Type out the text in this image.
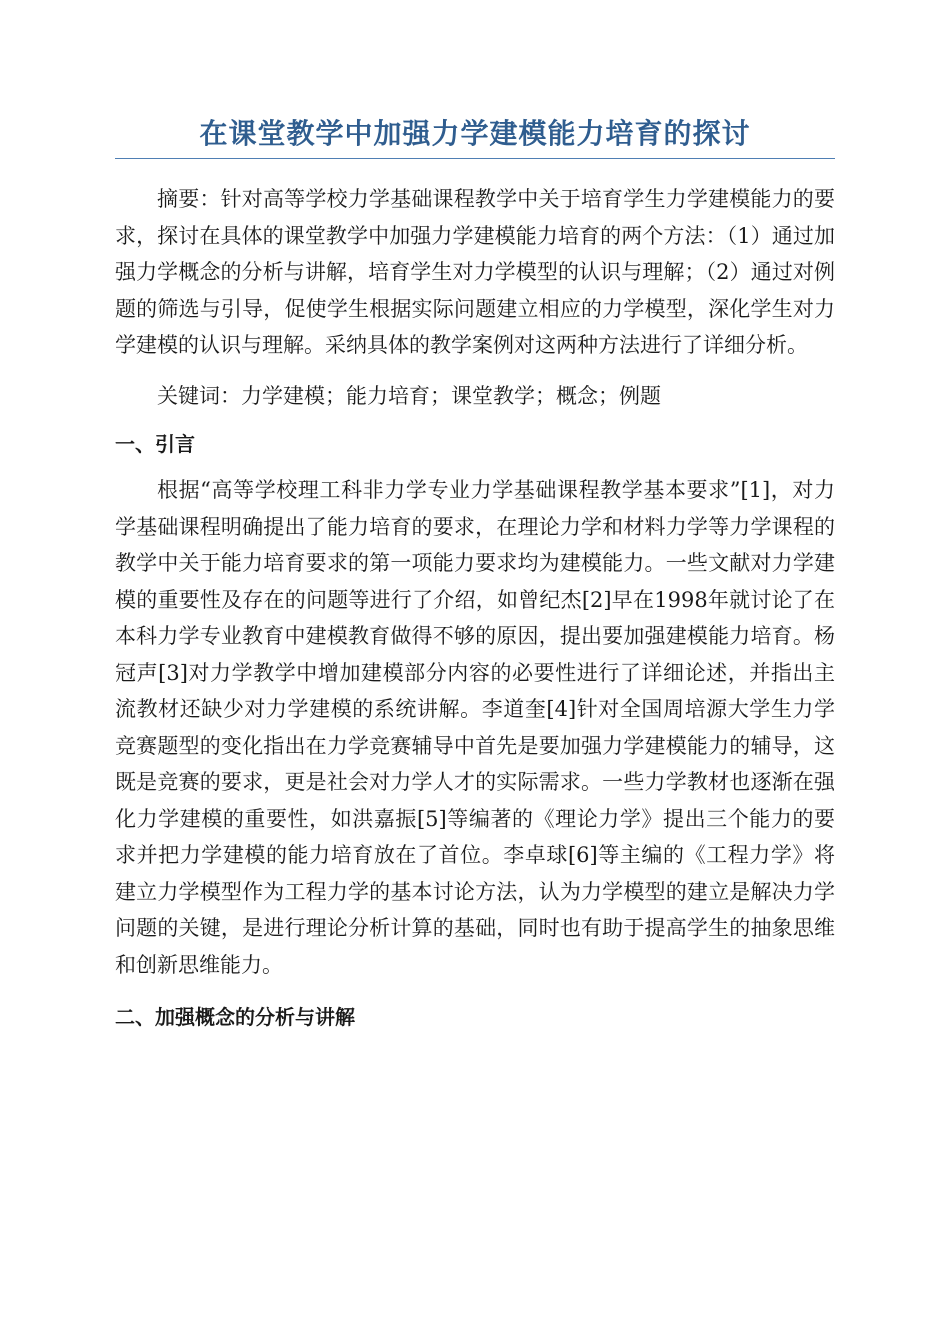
在课堂教学中加强力学建模能力培育的探讨

摘要：针对高等学校力学基础课程教学中关于培育学生力学建模能力的要求，探讨在具体的课堂教学中加强力学建模能力培育的两个方法：（1）通过加强力学概念的分析与讲解，培育学生对力学模型的认识与理解；（2）通过对例题的筛选与引导，促使学生根据实际问题建立相应的力学模型，深化学生对力学建模的认识与理解。采纳具体的教学案例对这两种方法进行了详细分析。

关键词：力学建模；能力培育；课堂教学；概念；例题

一、引言

根据“高等学校理工科非力学专业力学基础课程教学基本要求”[1]，对力学基础课程明确提出了能力培育的要求，在理论力学和材料力学等力学课程的教学中关于能力培育要求的第一项能力要求均为建模能力。一些文献对力学建模的重要性及存在的问题等进行了介绍，如曾纪杰[2]早在1998年就讨论了在本科力学专业教育中建模教育做得不够的原因，提出要加强建模能力培育。杨冠声[3]对力学教学中增加建模部分内容的必要性进行了详细论述，并指出主流教材还缺少对力学建模的系统讲解。李道奎[4]针对全国周培源大学生力学竞赛题型的变化指出在力学竞赛辅导中首先是要加强力学建模能力的辅导，这既是竞赛的要求，更是社会对力学人才的实际需求。一些力学教材也逐渐在强化力学建模的重要性，如洪嘉振[5]等编著的《理论力学》提出三个能力的要求并把力学建模的能力培育放在了首位。李卓球[6]等主编的《工程力学》将建立力学模型作为工程力学的基本讨论方法，认为力学模型的建立是解决力学问题的关键，是进行理论分析计算的基础，同时也有助于提高学生的抽象思维和创新思维能力。

二、加强概念的分析与讲解
